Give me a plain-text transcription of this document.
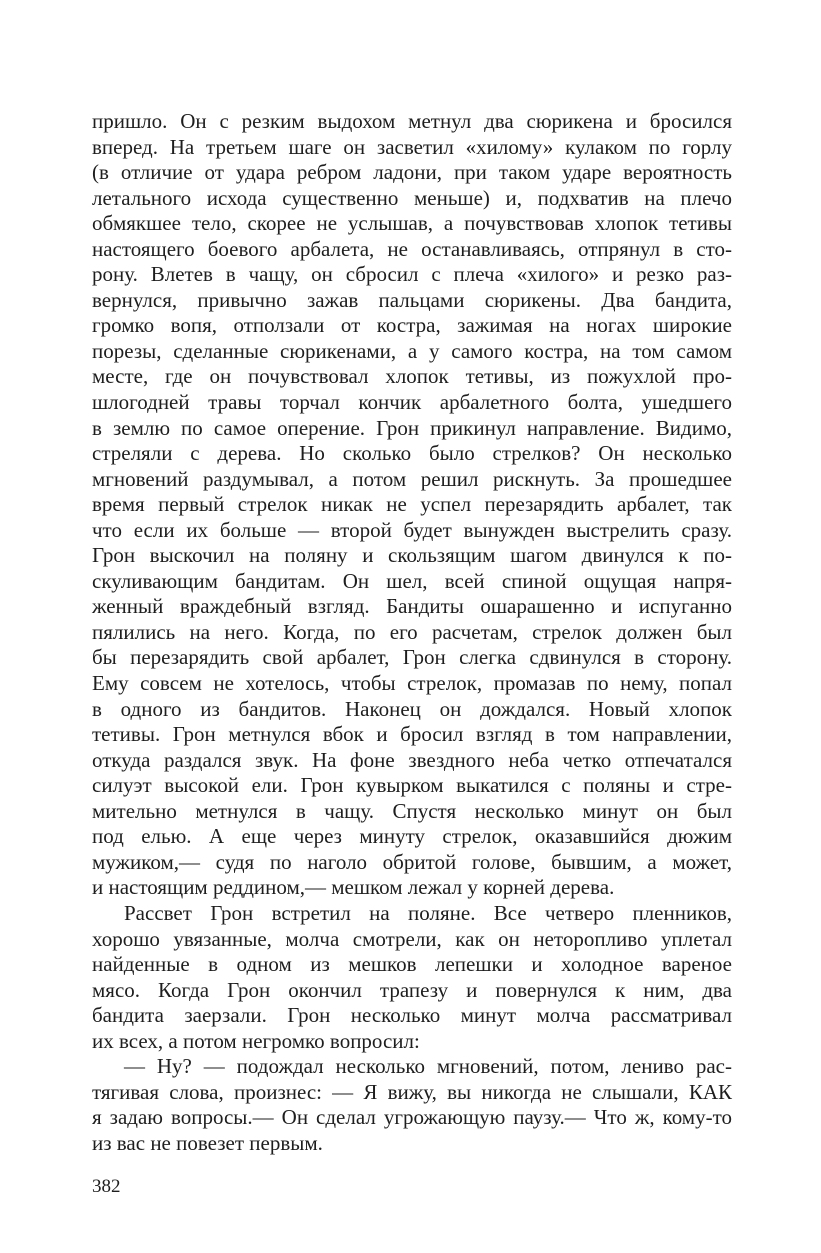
пришло. Он с резким выдохом метнул два сюрикена и бросился
вперед. На третьем шаге он засветил «хилому» кулаком по горлу
(в отличие от удара ребром ладони, при таком ударе вероятность
летального исхода существенно меньше) и, подхватив на плечо
обмякшее тело, скорее не услышав, а почувствовав хлопок тетивы
настоящего боевого арбалета, не останавливаясь, отпрянул в сто-
рону. Влетев в чащу, он сбросил с плеча «хилого» и резко раз-
вернулся, привычно зажав пальцами сюрикены. Два бандита,
громко вопя, отползали от костра, зажимая на ногах широкие
порезы, сделанные сюрикенами, а у самого костра, на том самом
месте, где он почувствовал хлопок тетивы, из пожухлой про-
шлогодней травы торчал кончик арбалетного болта, ушедшего
в землю по самое оперение. Грон прикинул направление. Видимо,
стреляли с дерева. Но сколько было стрелков? Он несколько
мгновений раздумывал, а потом решил рискнуть. За прошедшее
время первый стрелок никак не успел перезарядить арбалет, так
что если их больше — второй будет вынужден выстрелить сразу.
Грон выскочил на поляну и скользящим шагом двинулся к по-
скуливающим бандитам. Он шел, всей спиной ощущая напря-
женный враждебный взгляд. Бандиты ошарашенно и испуганно
пялились на него. Когда, по его расчетам, стрелок должен был
бы перезарядить свой арбалет, Грон слегка сдвинулся в сторону.
Ему совсем не хотелось, чтобы стрелок, промазав по нему, попал
в одного из бандитов. Наконец он дождался. Новый хлопок
тетивы. Грон метнулся вбок и бросил взгляд в том направлении,
откуда раздался звук. На фоне звездного неба четко отпечатался
силуэт высокой ели. Грон кувырком выкатился с поляны и стре-
мительно метнулся в чащу. Спустя несколько минут он был
под елью. А еще через минуту стрелок, оказавшийся дюжим
мужиком,— судя по наголо обритой голове, бывшим, а может,
и настоящим реддином,— мешком лежал у корней дерева.
Рассвет Грон встретил на поляне. Все четверо пленников,
хорошо увязанные, молча смотрели, как он неторопливо уплетал
найденные в одном из мешков лепешки и холодное вареное
мясо. Когда Грон окончил трапезу и повернулся к ним, два
бандита заерзали. Грон несколько минут молча рассматривал
их всех, а потом негромко вопросил:
— Ну? — подождал несколько мгновений, потом, лениво рас-
тягивая слова, произнес: — Я вижу, вы никогда не слышали, КАК
я задаю вопросы.— Он сделал угрожающую паузу.— Что ж, кому-то
из вас не повезет первым.
382
